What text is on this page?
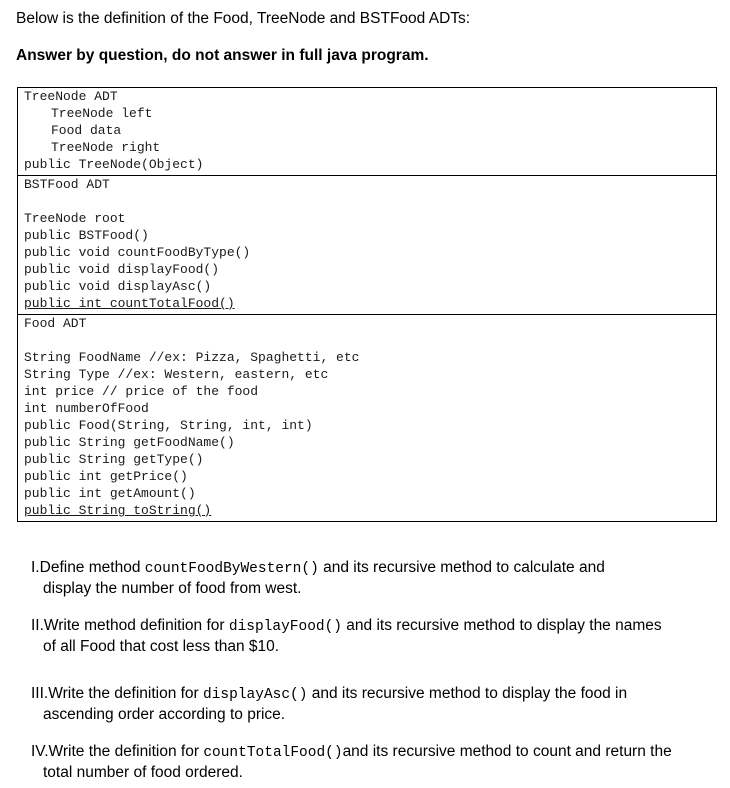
Below is the definition of the Food, TreeNode and BSTFood ADTs:
Answer by question, do not answer in full java program.
TreeNode ADT
TreeNode left
Food data
TreeNode right
public TreeNode(Object)
BSTFood ADT
TreeNode root
public BSTFood()
public void countFoodByType()
public void displayFood()
public void displayAsc()
public int countTotalFood()
Food ADT
String FoodName //ex: Pizza, Spaghetti, etc
String Type //ex: Western, eastern, etc
int price // price of the food
int numberOfFood
public Food(String, String, int, int)
public String getFoodName()
public String getType()
public int getPrice()
public int getAmount()
public String toString()
I.Define method countFoodByWestern() and its recursive method to calculate and
display the number of food from west.
II.Write method definition for displayFood() and its recursive method to display the names
of all Food that cost less than $10.
III.Write the definition for displayAsc() and its recursive method to display the food in
ascending order according to price.
IV.Write the definition for countTotalFood()and its recursive method to count and return the
total number of food ordered.
